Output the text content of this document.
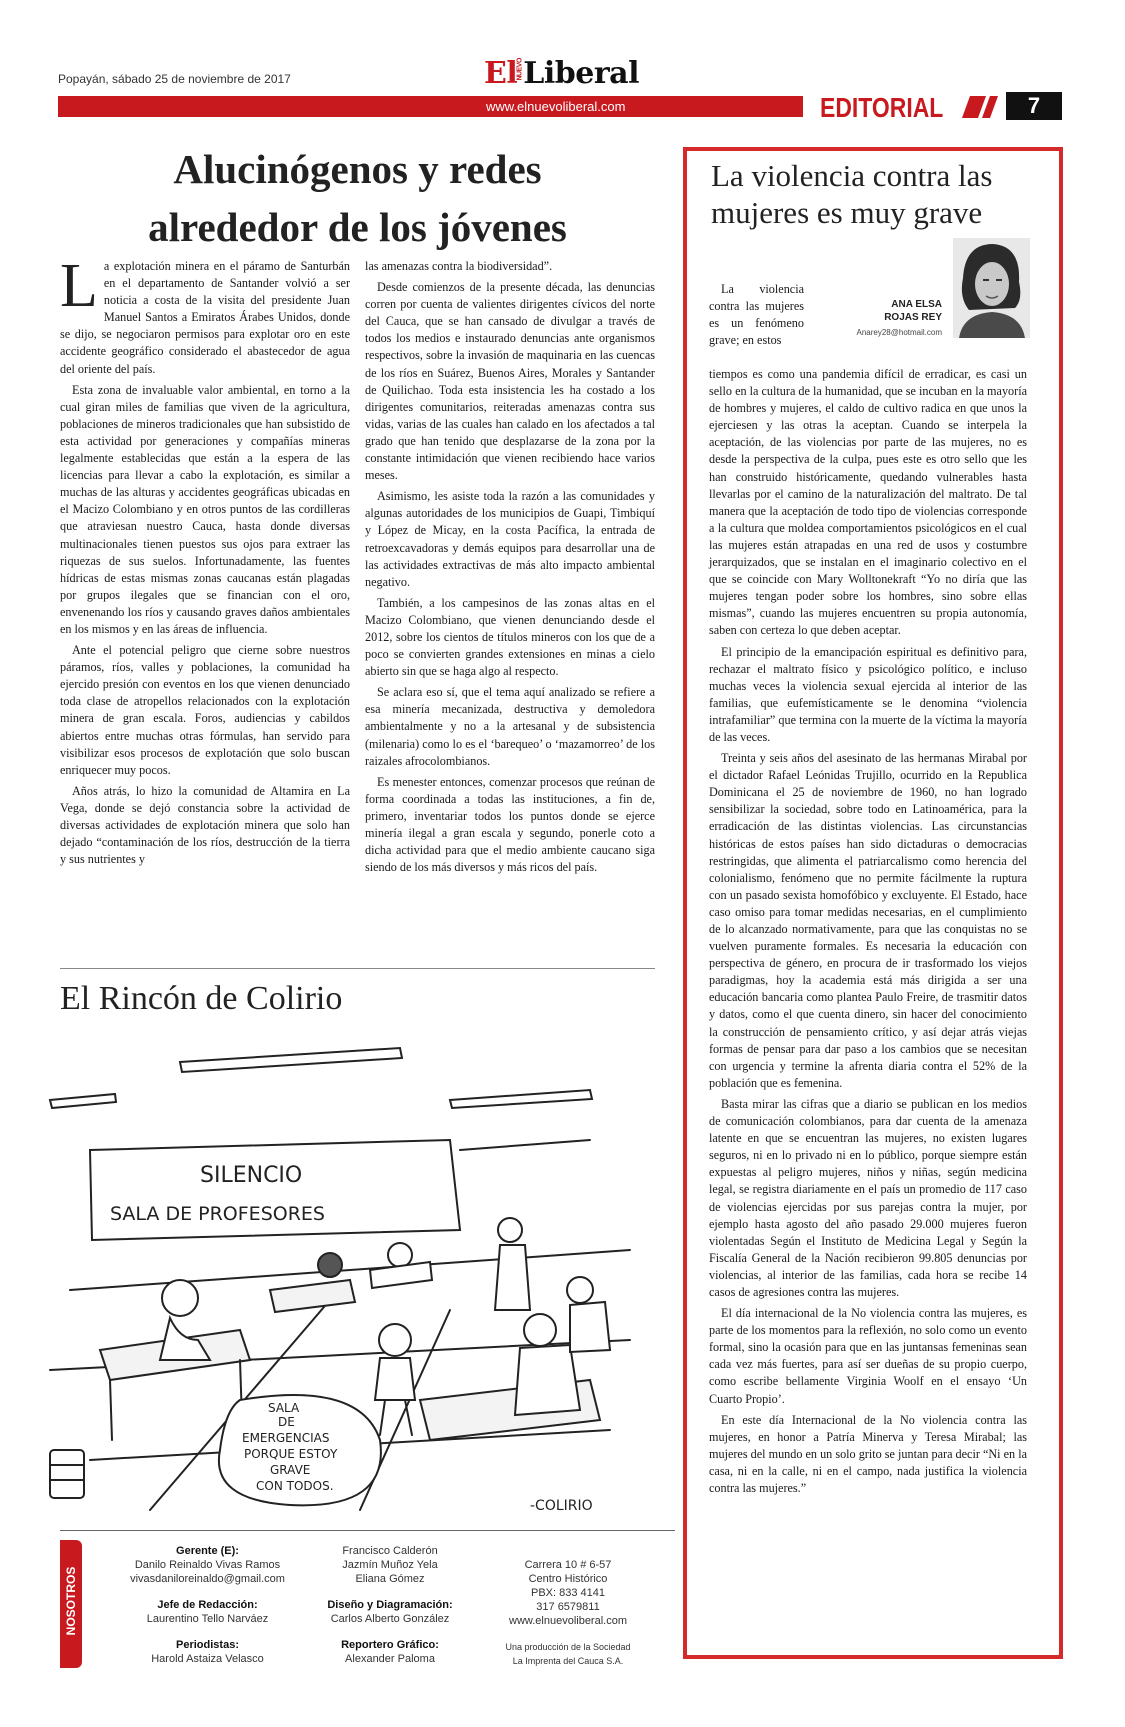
Popayán, sábado 25 de noviembre de 2017	ElNUEVOLiberal
www.elnuevoliberal.com	EDITORIAL	7
Alucinógenos y redes
alrededor de los jóvenes

La explotación minera en el páramo de Santurbán en el departamento de Santander volvió a ser noticia a costa de la visita del presidente Juan Manuel Santos a Emiratos Árabes Unidos, donde se dijo, se negociaron permisos para explotar oro en este accidente geográfico considerado el abastecedor de agua del oriente del país.

Esta zona de invaluable valor ambiental, en torno a la cual giran miles de familias que viven de la agricultura, poblaciones de mineros tradicionales que han subsistido de esta actividad por generaciones y compañías mineras legalmente establecidas que están a la espera de las licencias para llevar a cabo la explotación, es similar a muchas de las alturas y accidentes geográficas ubicadas en el Macizo Colombiano y en otros puntos de las cordilleras que atraviesan nuestro Cauca, hasta donde diversas multinacionales tienen puestos sus ojos para extraer las riquezas de sus suelos. Infortunadamente, las fuentes hídricas de estas mismas zonas caucanas están plagadas por grupos ilegales que se financian con el oro, envenenando los ríos y causando graves daños ambientales en los mismos y en las áreas de influencia.

Ante el potencial peligro que cierne sobre nuestros páramos, ríos, valles y poblaciones, la comunidad ha ejercido presión con eventos en los que vienen denunciado toda clase de atropellos relacionados con la explotación minera de gran escala. Foros, audiencias y cabildos abiertos entre muchas otras fórmulas, han servido para visibilizar esos procesos de explotación que solo buscan enriquecer muy pocos.

Años atrás, lo hizo la comunidad de Altamira en La Vega, donde se dejó constancia sobre la actividad de diversas actividades de explotación minera que solo han dejado “contaminación de los ríos, destrucción de la tierra y sus nutrientes y

las amenazas contra la biodiversidad”.

Desde comienzos de la presente década, las denuncias corren por cuenta de valientes dirigentes cívicos del norte del Cauca, que se han cansado de divulgar a través de todos los medios e instaurado denuncias ante organismos respectivos, sobre la invasión de maquinaria en las cuencas de los ríos en Suárez, Buenos Aires, Morales y Santander de Quilichao. Toda esta insistencia les ha costado a los dirigentes comunitarios, reiteradas amenazas contra sus vidas, varias de las cuales han calado en los afectados a tal grado que han tenido que desplazarse de la zona por la constante intimidación que vienen recibiendo hace varios meses.

Asimismo, les asiste toda la razón a las comunidades y algunas autoridades de los municipios de Guapi, Timbiquí y López de Micay, en la costa Pacífica, la entrada de retroexcavadoras y demás equipos para desarrollar una de las actividades extractivas de más alto impacto ambiental negativo.

También, a los campesinos de las zonas altas en el Macizo Colombiano, que vienen denunciando desde el 2012, sobre los cientos de títulos mineros con los que de a poco se convierten grandes extensiones en minas a cielo abierto sin que se haga algo al respecto.

Se aclara eso sí, que el tema aquí analizado se refiere a esa minería mecanizada, destructiva y demoledora ambientalmente y no a la artesanal y de subsistencia (milenaria) como lo es el ‘barequeo’ o ‘mazamorreo’ de los raizales afrocolombianos.

Es menester entonces, comenzar procesos que reúnan de forma coordinada a todas las instituciones, a fin de, primero, inventariar todos los puntos donde se ejerce minería ilegal a gran escala y segundo, ponerle coto a dicha actividad para que el medio ambiente caucano siga siendo de los más diversos y más ricos del país.

El Rincón de Colirio
SILENCIO
SALA DE PROFESORES
SALA
DE
EMERGENCIAS
PORQUE ESTOY
GRAVE
CON TODOS.
-COLIRIO
NOSOTROS
Gerente (E):
Danilo Reinaldo Vivas Ramos
vivasdaniloreinaldo@gmail.com
Jefe de Redacción:
Laurentino Tello Narváez
Periodistas:
Harold Astaiza Velasco
Francisco Calderón
Jazmín Muñoz Yela
Eliana Gómez
Diseño y Diagramación:
Carlos Alberto González
Reportero Gráfico:
Alexander Paloma
Carrera 10 # 6-57
Centro Histórico
PBX: 833 4141
317 6579811
www.elnuevoliberal.com
Una producción de la Sociedad
La Imprenta del Cauca S.A.
La violencia contra las mujeres es muy grave
ANA ELSA
ROJAS REY
Anarey28@hotmail.com

La violencia contra las mujeres es un fenómeno grave; en estos

tiempos es como una pandemia difícil de erradicar, es casi un sello en la cultura de la humanidad, que se incuban en la mayoría de hombres y mujeres, el caldo de cultivo radica en que unos la ejerciesen y las otras la aceptan. Cuando se interpela la aceptación, de las violencias por parte de las mujeres, no es desde la perspectiva de la culpa, pues este es otro sello que les han construido históricamente, quedando vulnerables hasta llevarlas por el camino de la naturalización del maltrato. De tal manera que la aceptación de todo tipo de violencias corresponde a la cultura que moldea comportamientos psicológicos en el cual las mujeres están atrapadas en una red de usos y costumbre jerarquizados, que se instalan en el imaginario colectivo en el que se coincide con Mary Wolltonekraft “Yo no diría que las mujeres tengan poder sobre los hombres, sino sobre ellas mismas”, cuando las mujeres encuentren su propia autonomía, saben con certeza lo que deben aceptar.

El principio de la emancipación espiritual es definitivo para, rechazar el maltrato físico y psicológico político, e incluso muchas veces la violencia sexual ejercida al interior de las familias, que eufemísticamente se le denomina “violencia intrafamiliar” que termina con la muerte de la víctima la mayoría de las veces.

Treinta y seis años del asesinato de las hermanas Mirabal por el dictador Rafael Leónidas Trujillo, ocurrido en la Republica Dominicana el 25 de noviembre de 1960, no han logrado sensibilizar la sociedad, sobre todo en Latinoamérica, para la erradicación de las distintas violencias. Las circunstancias históricas de estos países han sido dictaduras o democracias restringidas, que alimenta el patriarcalismo como herencia del colonialismo, fenómeno que no permite fácilmente la ruptura con un pasado sexista homofóbico y excluyente. El Estado, hace caso omiso para tomar medidas necesarias, en el cumplimiento de lo alcanzado normativamente, para que las conquistas no se vuelven puramente formales. Es necesaria la educación con perspectiva de género, en procura de ir trasformado los viejos paradigmas, hoy la academia está más dirigida a ser una educación bancaria como plantea Paulo Freire, de trasmitir datos y datos, como el que cuenta dinero, sin hacer del conocimiento la construcción de pensamiento crítico, y así dejar atrás viejas formas de pensar para dar paso a los cambios que se necesitan con urgencia y termine la afrenta diaria contra el 52% de la población que es femenina.

Basta mirar las cifras que a diario se publican en los medios de comunicación colombianos, para dar cuenta de la amenaza latente en que se encuentran las mujeres, no existen lugares seguros, ni en lo privado ni en lo público, porque siempre están expuestas al peligro mujeres, niños y niñas, según medicina legal, se registra diariamente en el país un promedio de 117 caso de violencias ejercidas por sus parejas contra la mujer, por ejemplo hasta agosto del año pasado 29.000 mujeres fueron violentadas Según el Instituto de Medicina Legal y Según la Fiscalía General de la Nación recibieron 99.805 denuncias por violencias, al interior de las familias, cada hora se recibe 14 casos de agresiones contra las mujeres.

El día internacional de la No violencia contra las mujeres, es parte de los momentos para la reflexión, no solo como un evento formal, sino la ocasión para que en las juntansas femeninas sean cada vez más fuertes, para así ser dueñas de su propio cuerpo, como escribe bellamente Virginia Woolf en el ensayo ‘Un Cuarto Propio’.

En este día Internacional de la No violencia contra las mujeres, en honor a Patría Minerva y Teresa Mirabal; las mujeres del mundo en un solo grito se juntan para decir “Ni en la casa, ni en la calle, ni en el campo, nada justifica la violencia contra las mujeres.”
